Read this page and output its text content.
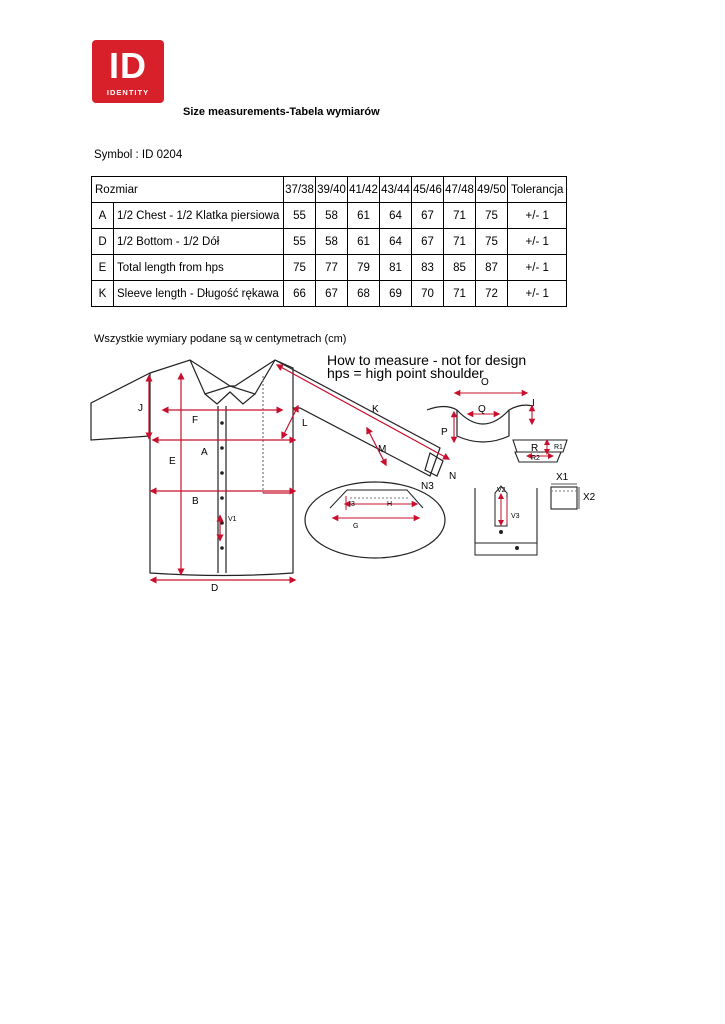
ID
IDENTITY
Size measurements-Tabela wymiarów
Symbol : ID 0204
Rozmiar		37/38	39/40	41/42	43/44	45/46	47/48	49/50	Tolerancja
A	1/2 Chest - 1/2 Klatka piersiowa	55	58	61	64	67	71	75	+/- 1
D	1/2 Bottom - 1/2 Dół	55	58	61	64	67	71	75	+/- 1
E	Total length from hps	75	77	79	81	83	85	87	+/- 1
K	Sleeve length - Długość rękawa	66	67	68	69	70	71	72	+/- 1
Wszystkie wymiary podane są w centymetrach (cm)
How to measure - not for design
hps = high point shoulder
J
F
A
E
B
D
V1
L
K
M
N
N3
I3	H
G
O
Q
I
P
R R1
R2
X1
X2
V2
V3
